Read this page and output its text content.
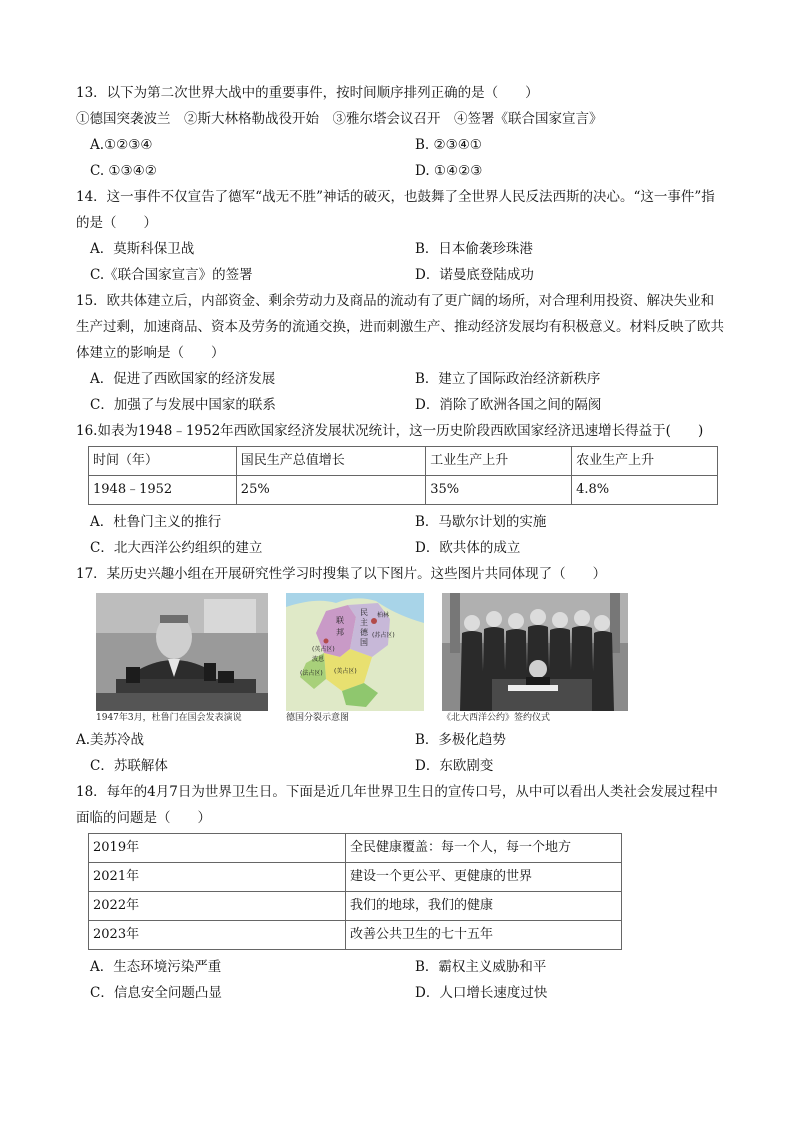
13．以下为第二次世界大战中的重要事件，按时间顺序排列正确的是（　　）

①德国突袭波兰　②斯大林格勒战役开始　③雅尔塔会议召开　④签署《联合国家宣言》

A.①②③④	B. ②③④①
C. ①③④②	D. ①④②③

14．这一事件不仅宣告了德军“战无不胜”神话的破灭，也鼓舞了全世界人民反法西斯的决心。“这一事件”指的是（　　）

A．莫斯科保卫战	B．日本偷袭珍珠港
C.《联合国家宣言》的签署	D．诺曼底登陆成功

15．欧共体建立后，内部资金、剩余劳动力及商品的流动有了更广阔的场所，对合理利用投资、解决失业和生产过剩，加速商品、资本及劳务的流通交换，进而刺激生产、推动经济发展均有积极意义。材料反映了欧共体建立的影响是（　　）

A．促进了西欧国家的经济发展	B．建立了国际政治经济新秩序
C．加强了与发展中国家的联系	D．消除了欧洲各国之间的隔阂

16.如表为1948﹣1952年西欧国家经济发展状况统计，这一历史阶段西欧国家经济迅速增长得益于(　　)

时间（年）	国民生产总值增长	工业生产上升	农业生产上升
1948﹣1952	25%	35%	4.8%
A．杜鲁门主义的推行	B．马歇尔计划的实施
C．北大西洋公约组织的建立	D．欧共体的成立

17．某历史兴趣小组在开展研究性学习时搜集了以下图片。这些图片共同体现了（　　）

1947年3月，杜鲁门在国会发表演说
联
邦
民
主
德
国
柏林
(苏占区)
(美占区)
(英占区)
(法占区)
波恩
德国分裂示意图	《北大西洋公约》签约仪式
A.美苏冷战	B．多极化趋势
C．苏联解体	D．东欧剧变

18．每年的4月7日为世界卫生日。下面是近几年世界卫生日的宣传口号，从中可以看出人类社会发展过程中面临的问题是（　　）

2019年	全民健康覆盖：每一个人，每一个地方
2021年	建设一个更公平、更健康的世界
2022年	我们的地球，我们的健康
2023年	改善公共卫生的七十五年
A．生态环境污染严重	B．霸权主义威胁和平
C．信息安全问题凸显	D．人口增长速度过快
